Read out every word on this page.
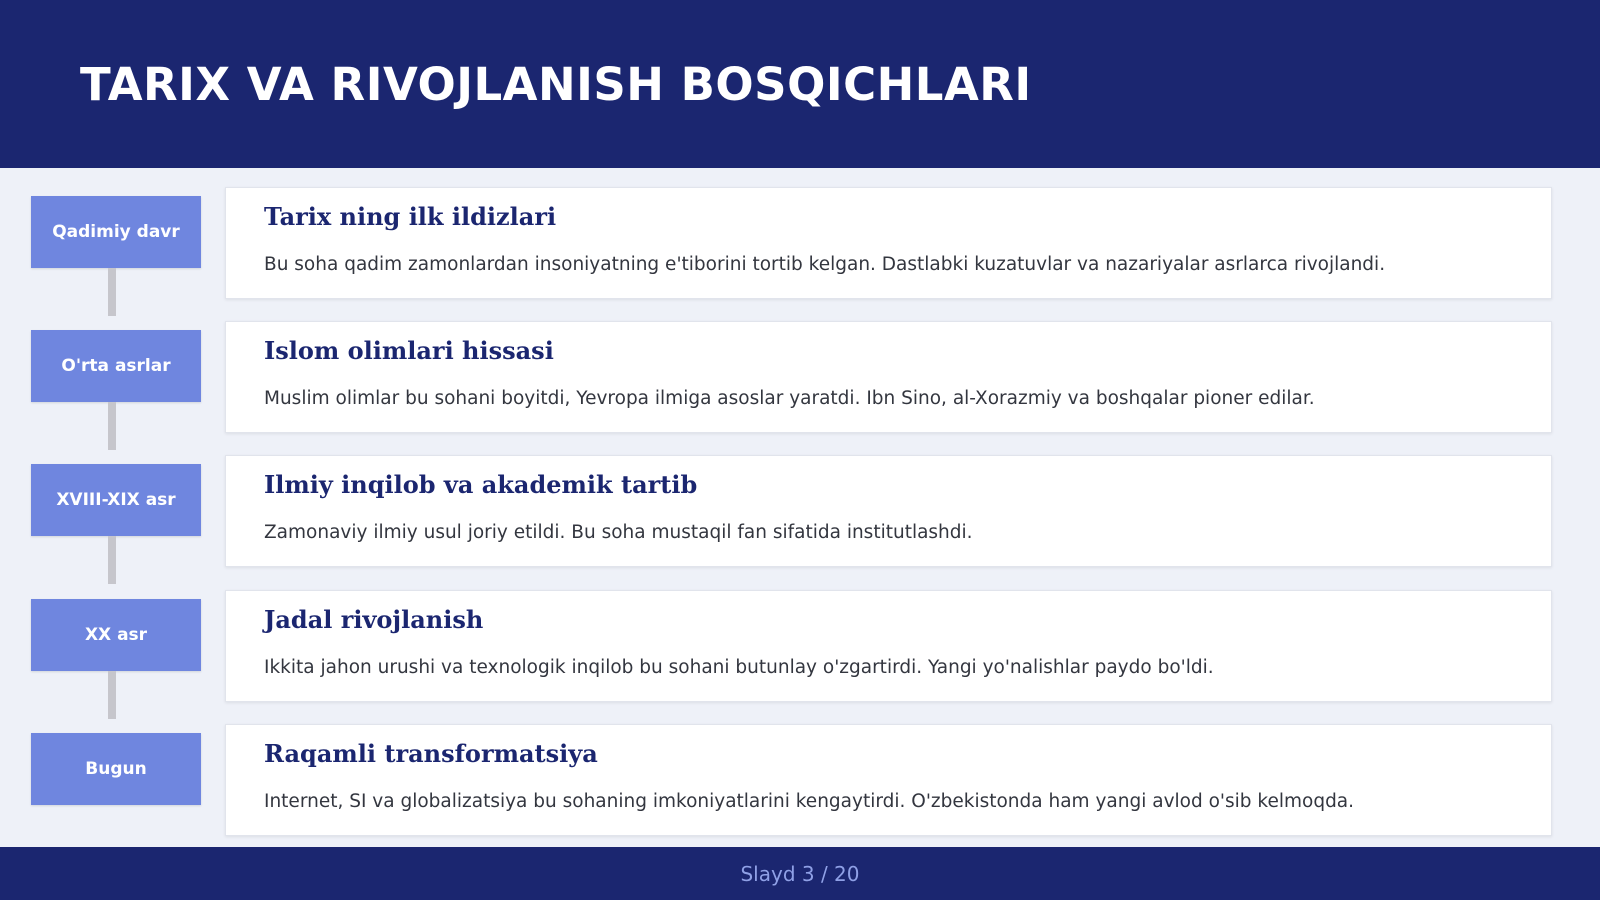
TARIX VA RIVOJLANISH BOSQICHLARI
Qadimiy davr
Tarix ning ilk ildizlari
Bu soha qadim zamonlardan insoniyatning e'tiborini tortib kelgan. Dastlabki kuzatuvlar va nazariyalar asrlarca rivojlandi.
O'rta asrlar
Islom olimlari hissasi
Muslim olimlar bu sohani boyitdi, Yevropa ilmiga asoslar yaratdi. Ibn Sino, al-Xorazmiy va boshqalar pioner edilar.
XVIII-XIX asr
Ilmiy inqilob va akademik tartib
Zamonaviy ilmiy usul joriy etildi. Bu soha mustaqil fan sifatida institutlashdi.
XX asr
Jadal rivojlanish
Ikkita jahon urushi va texnologik inqilob bu sohani butunlay o'zgartirdi. Yangi yo'nalishlar paydo bo'ldi.
Bugun
Raqamli transformatsiya
Internet, SI va globalizatsiya bu sohaning imkoniyatlarini kengaytirdi. O'zbekistonda ham yangi avlod o'sib kelmoqda.
Slayd 3 / 20
